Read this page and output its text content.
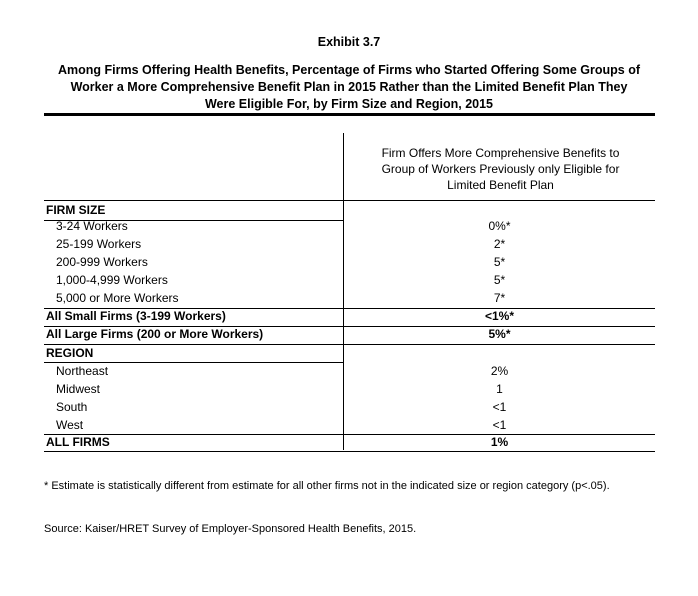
Exhibit 3.7
Among Firms Offering Health Benefits, Percentage of Firms who Started Offering Some Groups of
Worker a More Comprehensive Benefit Plan in 2015 Rather than the Limited Benefit Plan They
Were Eligible For, by Firm Size and Region, 2015
Firm Offers More Comprehensive Benefits to
Group of Workers Previously only Eligible for
Limited Benefit Plan
FIRM SIZE
3-24 Workers	0%*
25-199 Workers	2*
200-999 Workers	5*
1,000-4,999 Workers	5*
5,000 or More Workers	7*
All Small Firms (3-199 Workers)	<1%*
All Large Firms (200 or More Workers)	5%*
REGION
Northeast	2%
Midwest	1
South	<1
West	<1
ALL FIRMS	1%
* Estimate is statistically different from estimate for all other firms not in the indicated size or region category (p<.05).
Source: Kaiser/HRET Survey of Employer-Sponsored Health Benefits, 2015.
